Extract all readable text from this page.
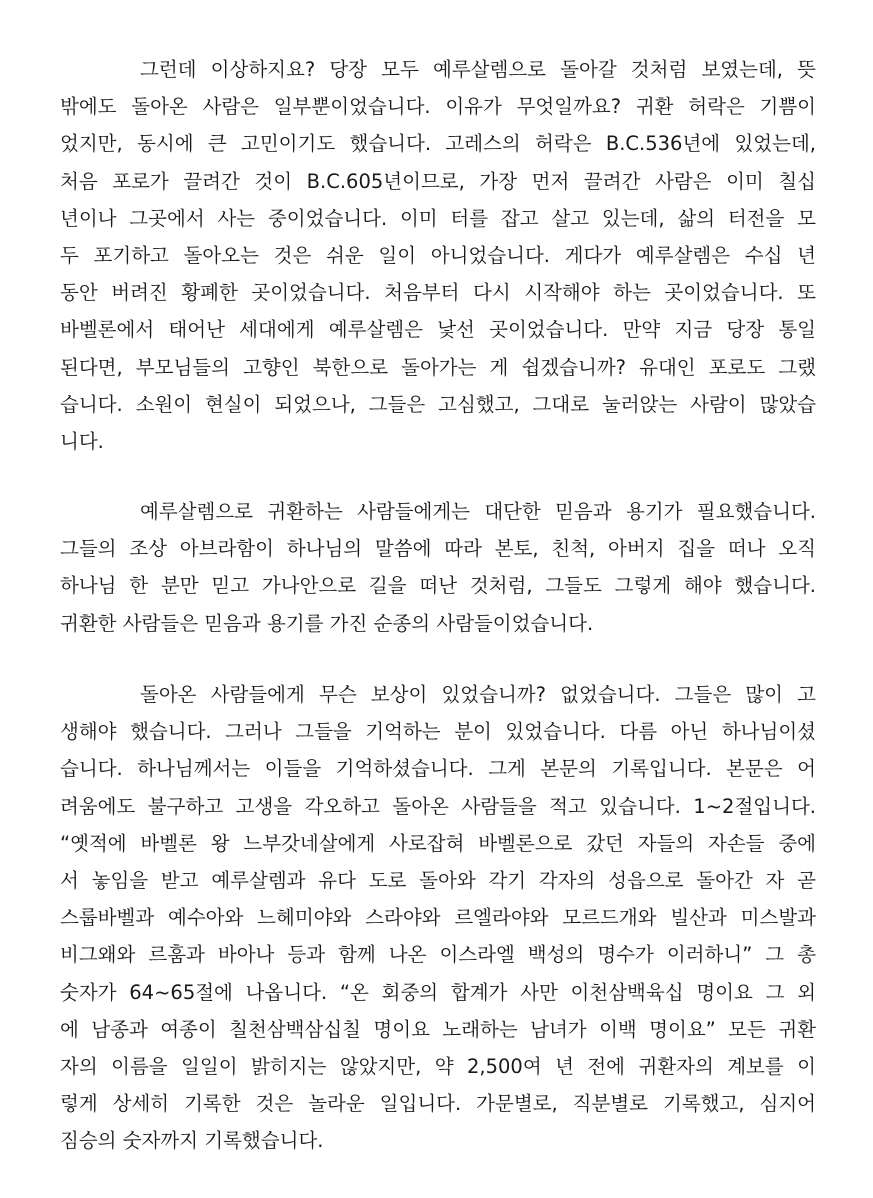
그런데 이상하지요? 당장 모두 예루살렘으로 돌아갈 것처럼 보였는데, 뜻
밖에도 돌아온 사람은 일부뿐이었습니다. 이유가 무엇일까요? 귀환 허락은 기쁨이
었지만, 동시에 큰 고민이기도 했습니다. 고레스의 허락은 B.C.536년에 있었는데,
처음 포로가 끌려간 것이 B.C.605년이므로, 가장 먼저 끌려간 사람은 이미 칠십
년이나 그곳에서 사는 중이었습니다. 이미 터를 잡고 살고 있는데, 삶의 터전을 모
두 포기하고 돌아오는 것은 쉬운 일이 아니었습니다. 게다가 예루살렘은 수십 년
동안 버려진 황폐한 곳이었습니다. 처음부터 다시 시작해야 하는 곳이었습니다. 또
바벨론에서 태어난 세대에게 예루살렘은 낯선 곳이었습니다. 만약 지금 당장 통일
된다면, 부모님들의 고향인 북한으로 돌아가는 게 쉽겠습니까? 유대인 포로도 그랬
습니다. 소원이 현실이 되었으나, 그들은 고심했고, 그대로 눌러앉는 사람이 많았습
니다.
예루살렘으로 귀환하는 사람들에게는 대단한 믿음과 용기가 필요했습니다.
그들의 조상 아브라함이 하나님의 말씀에 따라 본토, 친척, 아버지 집을 떠나 오직
하나님 한 분만 믿고 가나안으로 길을 떠난 것처럼, 그들도 그렇게 해야 했습니다.
귀환한 사람들은 믿음과 용기를 가진 순종의 사람들이었습니다.
돌아온 사람들에게 무슨 보상이 있었습니까? 없었습니다. 그들은 많이 고
생해야 했습니다. 그러나 그들을 기억하는 분이 있었습니다. 다름 아닌 하나님이셨
습니다. 하나님께서는 이들을 기억하셨습니다. 그게 본문의 기록입니다. 본문은 어
려움에도 불구하고 고생을 각오하고 돌아온 사람들을 적고 있습니다. 1~2절입니다.
“옛적에 바벨론 왕 느부갓네살에게 사로잡혀 바벨론으로 갔던 자들의 자손들 중에
서 놓임을 받고 예루살렘과 유다 도로 돌아와 각기 각자의 성읍으로 돌아간 자 곧
스룹바벨과 예수아와 느헤미야와 스라야와 르엘라야와 모르드개와 빌산과 미스발과
비그왜와 르훔과 바아나 등과 함께 나온 이스라엘 백성의 명수가 이러하니” 그 총
숫자가 64~65절에 나옵니다. “온 회중의 합계가 사만 이천삼백육십 명이요 그 외
에 남종과 여종이 칠천삼백삼십칠 명이요 노래하는 남녀가 이백 명이요” 모든 귀환
자의 이름을 일일이 밝히지는 않았지만, 약 2,500여 년 전에 귀환자의 계보를 이
렇게 상세히 기록한 것은 놀라운 일입니다. 가문별로, 직분별로 기록했고, 심지어
짐승의 숫자까지 기록했습니다.
